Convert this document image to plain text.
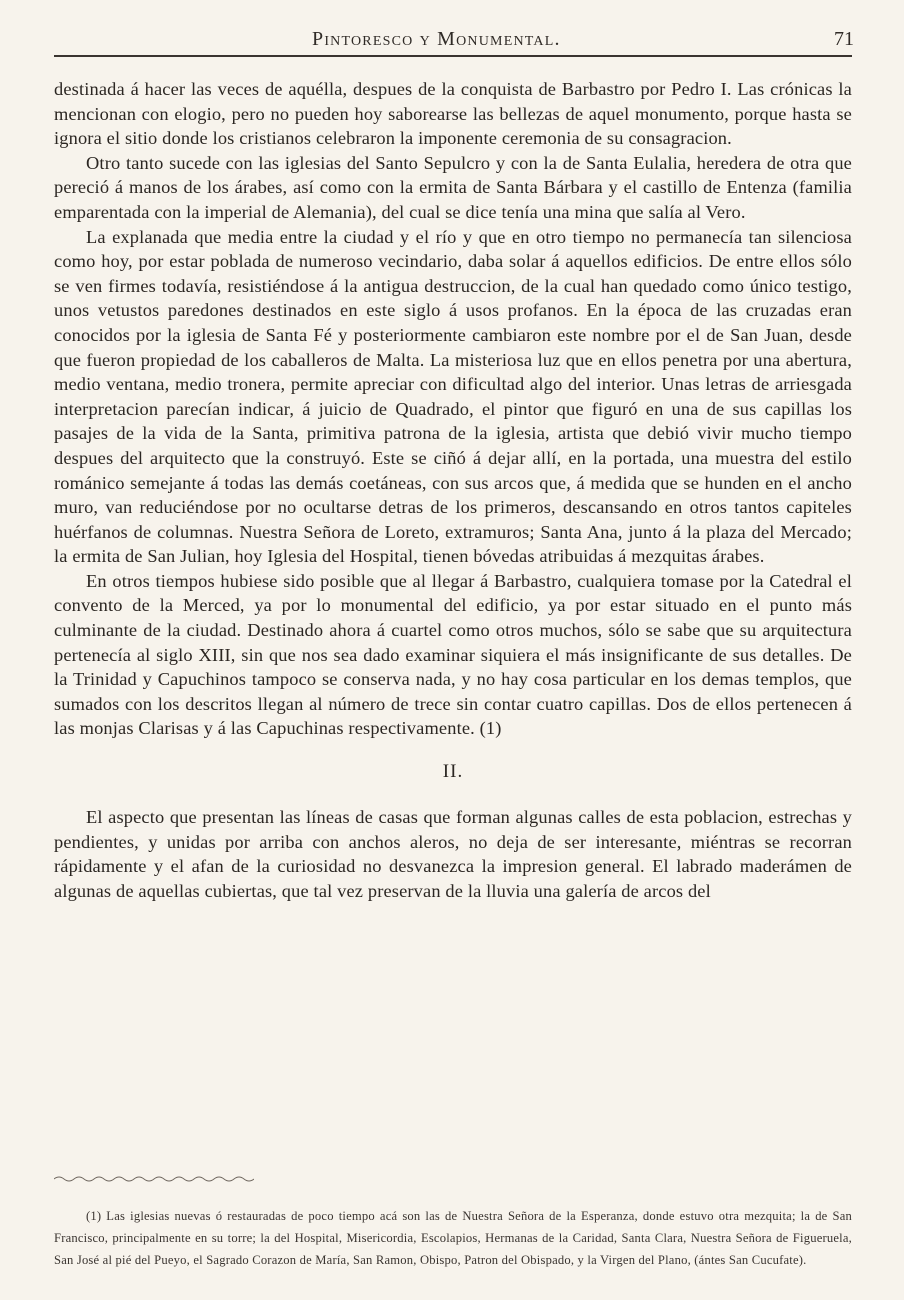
Pintoresco y Monumental.	71

destinada á hacer las veces de aquélla, despues de la conquista de Barbastro por Pedro I. Las crónicas la mencionan con elogio, pero no pueden hoy saborearse las bellezas de aquel monumento, porque hasta se ignora el sitio donde los cristianos celebraron la imponente ceremonia de su consagracion.

Otro tanto sucede con las iglesias del Santo Sepulcro y con la de Santa Eulalia, heredera de otra que pereció á manos de los árabes, así como con la ermita de Santa Bárbara y el castillo de Entenza (familia emparentada con la imperial de Alemania), del cual se dice tenía una mina que salía al Vero.

La explanada que media entre la ciudad y el río y que en otro tiempo no permanecía tan silenciosa como hoy, por estar poblada de numeroso vecindario, daba solar á aquellos edificios. De entre ellos sólo se ven firmes todavía, resistiéndose á la antigua destruccion, de la cual han quedado como único testigo, unos vetustos paredones destinados en este siglo á usos profanos. En la época de las cruzadas eran conocidos por la iglesia de Santa Fé y posteriormente cambiaron este nombre por el de San Juan, desde que fueron propiedad de los caballeros de Malta. La misteriosa luz que en ellos penetra por una abertura, medio ventana, medio tronera, permite apreciar con dificultad algo del interior. Unas letras de arriesgada interpretacion parecían indicar, á juicio de Quadrado, el pintor que figuró en una de sus capillas los pasajes de la vida de la Santa, primitiva patrona de la iglesia, artista que debió vivir mucho tiempo despues del arquitecto que la construyó. Este se ciñó á dejar allí, en la portada, una muestra del estilo románico semejante á todas las demás coetáneas, con sus arcos que, á medida que se hunden en el ancho muro, van reduciéndose por no ocultarse detras de los primeros, descansando en otros tantos capiteles huérfanos de columnas. Nuestra Señora de Loreto, extramuros; Santa Ana, junto á la plaza del Mercado; la ermita de San Julian, hoy Iglesia del Hospital, tienen bóvedas atribuidas á mezquitas árabes.

En otros tiempos hubiese sido posible que al llegar á Barbastro, cualquiera tomase por la Catedral el convento de la Merced, ya por lo monumental del edificio, ya por estar situado en el punto más culminante de la ciudad. Destinado ahora á cuartel como otros muchos, sólo se sabe que su arquitectura pertenecía al siglo XIII, sin que nos sea dado examinar siquiera el más insignificante de sus detalles. De la Trinidad y Capuchinos tampoco se conserva nada, y no hay cosa particular en los demas templos, que sumados con los descritos llegan al número de trece sin contar cuatro capillas. Dos de ellos pertenecen á las monjas Clarisas y á las Capuchinas respectivamente. (1)

II.

El aspecto que presentan las líneas de casas que forman algunas calles de esta poblacion, estrechas y pendientes, y unidas por arriba con anchos aleros, no deja de ser interesante, miéntras se recorran rápidamente y el afan de la curiosidad no desvanezca la impresion general. El labrado maderámen de algunas de aquellas cubiertas, que tal vez preservan de la lluvia una galería de arcos del

(1) Las iglesias nuevas ó restauradas de poco tiempo acá son las de Nuestra Señora de la Esperanza, donde estuvo otra mezquita; la de San Francisco, principalmente en su torre; la del Hospital, Misericordia, Escolapios, Hermanas de la Caridad, Santa Clara, Nuestra Señora de Figueruela, San José al pié del Pueyo, el Sagrado Corazon de María, San Ramon, Obispo, Patron del Obispado, y la Virgen del Plano, (ántes San Cucufate).
